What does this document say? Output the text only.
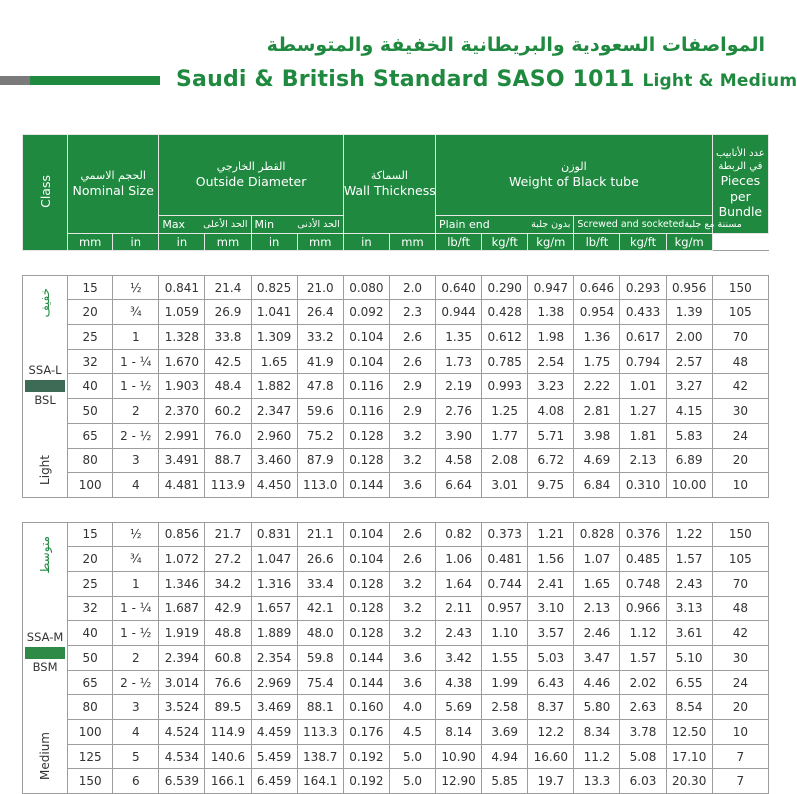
المواصفات السعودية والبريطانية الخفيفة والمتوسطة
Saudi & British Standard SASO 1011 Light & Medium
Class	الحجم الاسمي
Nominal Size		القطر الخارجي
Outside Diameter				السماكة
Wall Thickness		الوزن
Weight of Black tube						عدد الأنابيب في الربطة
Pieces per Bundle

			Max الحد الأعلى		Min الحد الأدنى				Plain end بدون جلبة			Screwed and socketed مسننة مع جلبة			

	mm	in	in	mm	in	mm	in	mm	lb/ft	kg/ft	kg/m	lb/ft	kg/ft	kg/m	

خفيف
SSA-L
BSL
Light	15	½	0.841	21.4	0.825	21.0	0.080	2.0	0.640	0.290	0.947	0.646	0.293	0.956	150
	20	¾	1.059	26.9	1.041	26.4	0.092	2.3	0.944	0.428	1.38	0.954	0.433	1.39	105
	25	1	1.328	33.8	1.309	33.2	0.104	2.6	1.35	0.612	1.98	1.36	0.617	2.00	70
	32	1 - ¼	1.670	42.5	1.65	41.9	0.104	2.6	1.73	0.785	2.54	1.75	0.794	2.57	48
	40	1 - ½	1.903	48.4	1.882	47.8	0.116	2.9	2.19	0.993	3.23	2.22	1.01	3.27	42
	50	2	2.370	60.2	2.347	59.6	0.116	2.9	2.76	1.25	4.08	2.81	1.27	4.15	30
	65	2 - ½	2.991	76.0	2.960	75.2	0.128	3.2	3.90	1.77	5.71	3.98	1.81	5.83	24
	80	3	3.491	88.7	3.460	87.9	0.128	3.2	4.58	2.08	6.72	4.69	2.13	6.89	20
	100	4	4.481	113.9	4.450	113.0	0.144	3.6	6.64	3.01	9.75	6.84	0.310	10.00	10

متوسط
SSA-M
BSM
Medium	15	½	0.856	21.7	0.831	21.1	0.104	2.6	0.82	0.373	1.21	0.828	0.376	1.22	150
	20	¾	1.072	27.2	1.047	26.6	0.104	2.6	1.06	0.481	1.56	1.07	0.485	1.57	105
	25	1	1.346	34.2	1.316	33.4	0.128	3.2	1.64	0.744	2.41	1.65	0.748	2.43	70
	32	1 - ¼	1.687	42.9	1.657	42.1	0.128	3.2	2.11	0.957	3.10	2.13	0.966	3.13	48
	40	1 - ½	1.919	48.8	1.889	48.0	0.128	3.2	2.43	1.10	3.57	2.46	1.12	3.61	42
	50	2	2.394	60.8	2.354	59.8	0.144	3.6	3.42	1.55	5.03	3.47	1.57	5.10	30
	65	2 - ½	3.014	76.6	2.969	75.4	0.144	3.6	4.38	1.99	6.43	4.46	2.02	6.55	24
	80	3	3.524	89.5	3.469	88.1	0.160	4.0	5.69	2.58	8.37	5.80	2.63	8.54	20
	100	4	4.524	114.9	4.459	113.3	0.176	4.5	8.14	3.69	12.2	8.34	3.78	12.50	10
	125	5	4.534	140.6	5.459	138.7	0.192	5.0	10.90	4.94	16.60	11.2	5.08	17.10	7
	150	6	6.539	166.1	6.459	164.1	0.192	5.0	12.90	5.85	19.7	13.3	6.03	20.30	7
